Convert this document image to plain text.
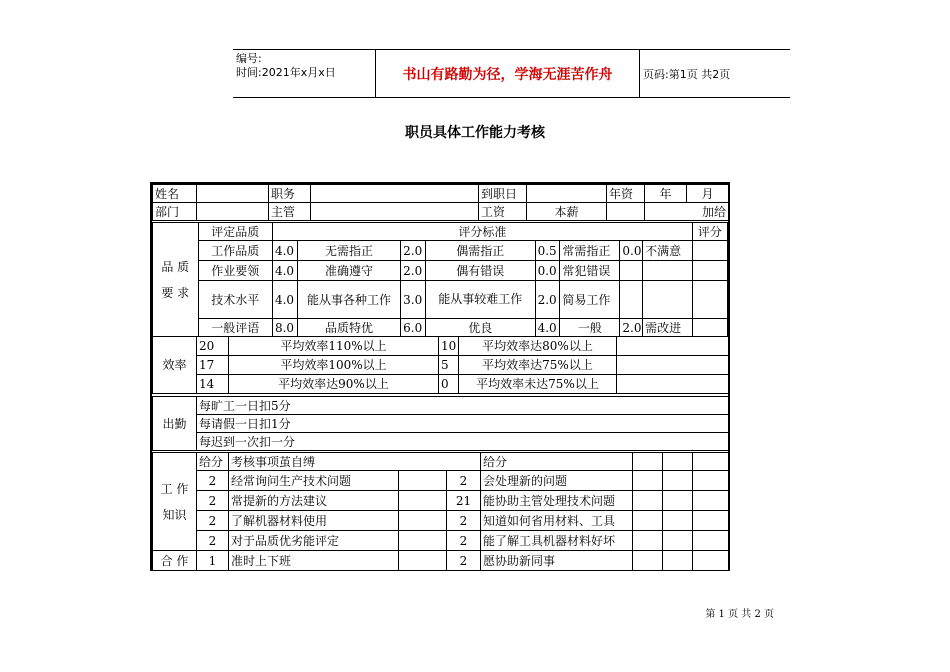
编号:
时间:2021年x月x日	书山有路勤为径，学海无涯苦作舟	页码:第1页 共2页
职员具体工作能力考核
姓名		职务		到职日		年资	年	月
部门		主管		工资	本薪		加给	
品 质 要 求	评定品质	评分标准								评分
	工作品质	4.0	无需指正	2.0	偶需指正	0.5	常需指正	0.0	不满意	
	作业要领	4.0	准确遵守	2.0	偶有错误	0.0	常犯错误			
	技术水平	4.0	能从事各种工作	3.0	能从事较难工作	2.0	简易工作			
	一般评语	8.0	品质特优	6.0	优良	4.0	一般	2.0	需改进	
效率	20	平均效率110%以上	10	平均效率达80%以上	
	17	平均效率100%以上	5	平均效率达75%以上	
	14	平均效率达90%以上	0	平均效率未达75%以上	
出勤	每旷工一日扣5分
每请假一日扣1分
每迟到一次扣一分
工 作 知识	给分	考核事项茧自缚			给分			
	2	经常询问生产技术问题		2	会处理新的问题			
	2	常提新的方法建议		21	能协助主管处理技术问题			
	2	了解机器材料使用		2	知道如何省用材料、工具			
	2	对于品质优劣能评定		2	能了解工具机器材料好坏			
合 作	1	准时上下班		2	愿协助新同事			
第 1 页 共 2 页
